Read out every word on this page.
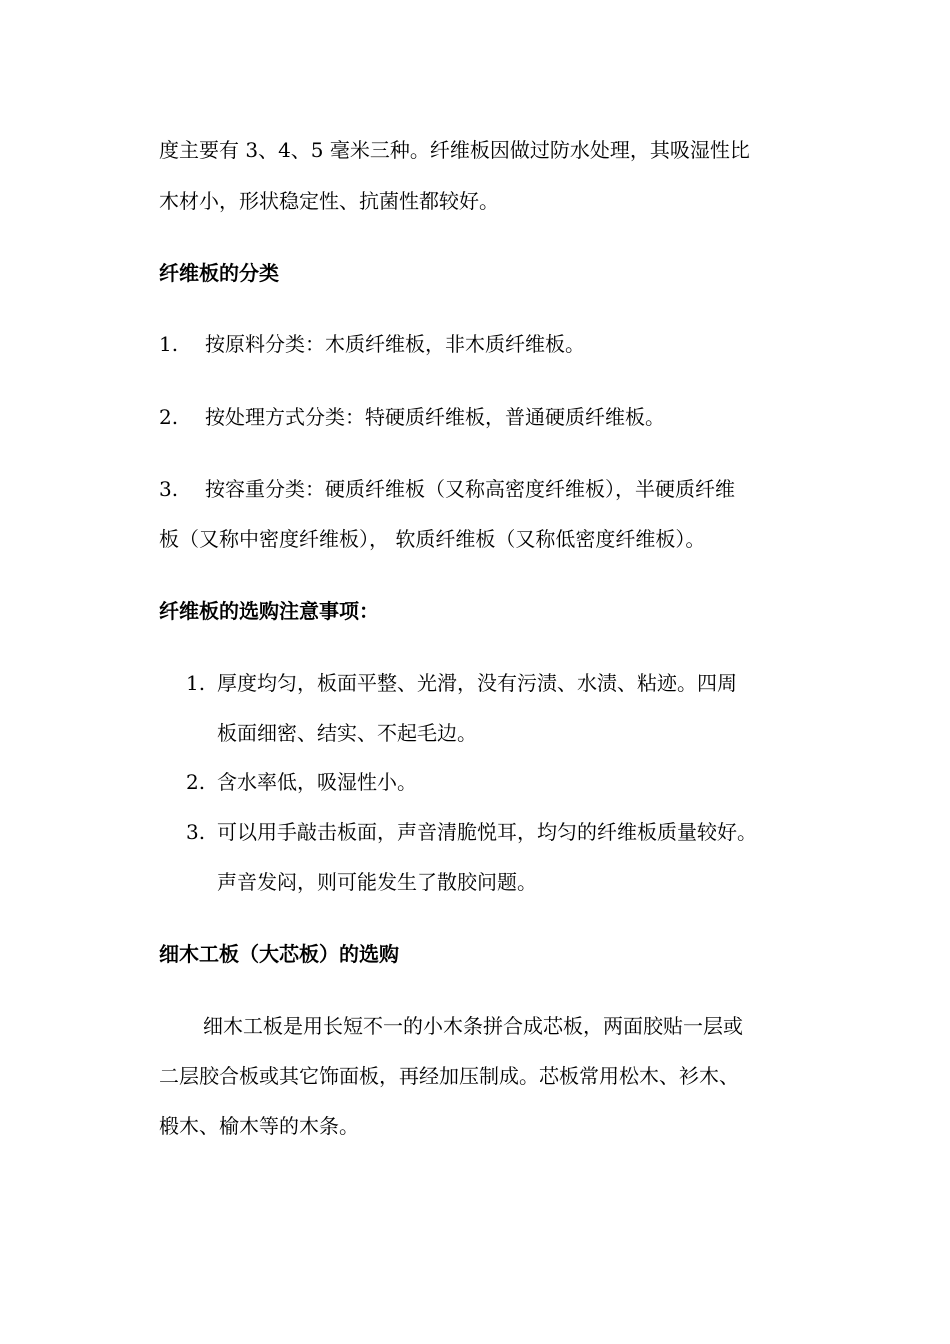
度主要有 3、4、5 毫米三种。纤维板因做过防水处理，其吸湿性比
木材小，形状稳定性、抗菌性都较好。
纤维板的分类
1. 按原料分类：木质纤维板，非木质纤维板。
2. 按处理方式分类：特硬质纤维板，普通硬质纤维板。
3. 按容重分类：硬质纤维板（又称高密度纤维板），半硬质纤维
板（又称中密度纤维板）， 软质纤维板（又称低密度纤维板）。
纤维板的选购注意事项：
1. 厚度均匀，板面平整、光滑，没有污渍、水渍、粘迹。四周
板面细密、结实、不起毛边。
2. 含水率低，吸湿性小。
3. 可以用手敲击板面，声音清脆悦耳，均匀的纤维板质量较好。
声音发闷，则可能发生了散胶问题。
细木工板（大芯板）的选购
细木工板是用长短不一的小木条拼合成芯板，两面胶贴一层或
二层胶合板或其它饰面板，再经加压制成。芯板常用松木、衫木、
椴木、榆木等的木条。
